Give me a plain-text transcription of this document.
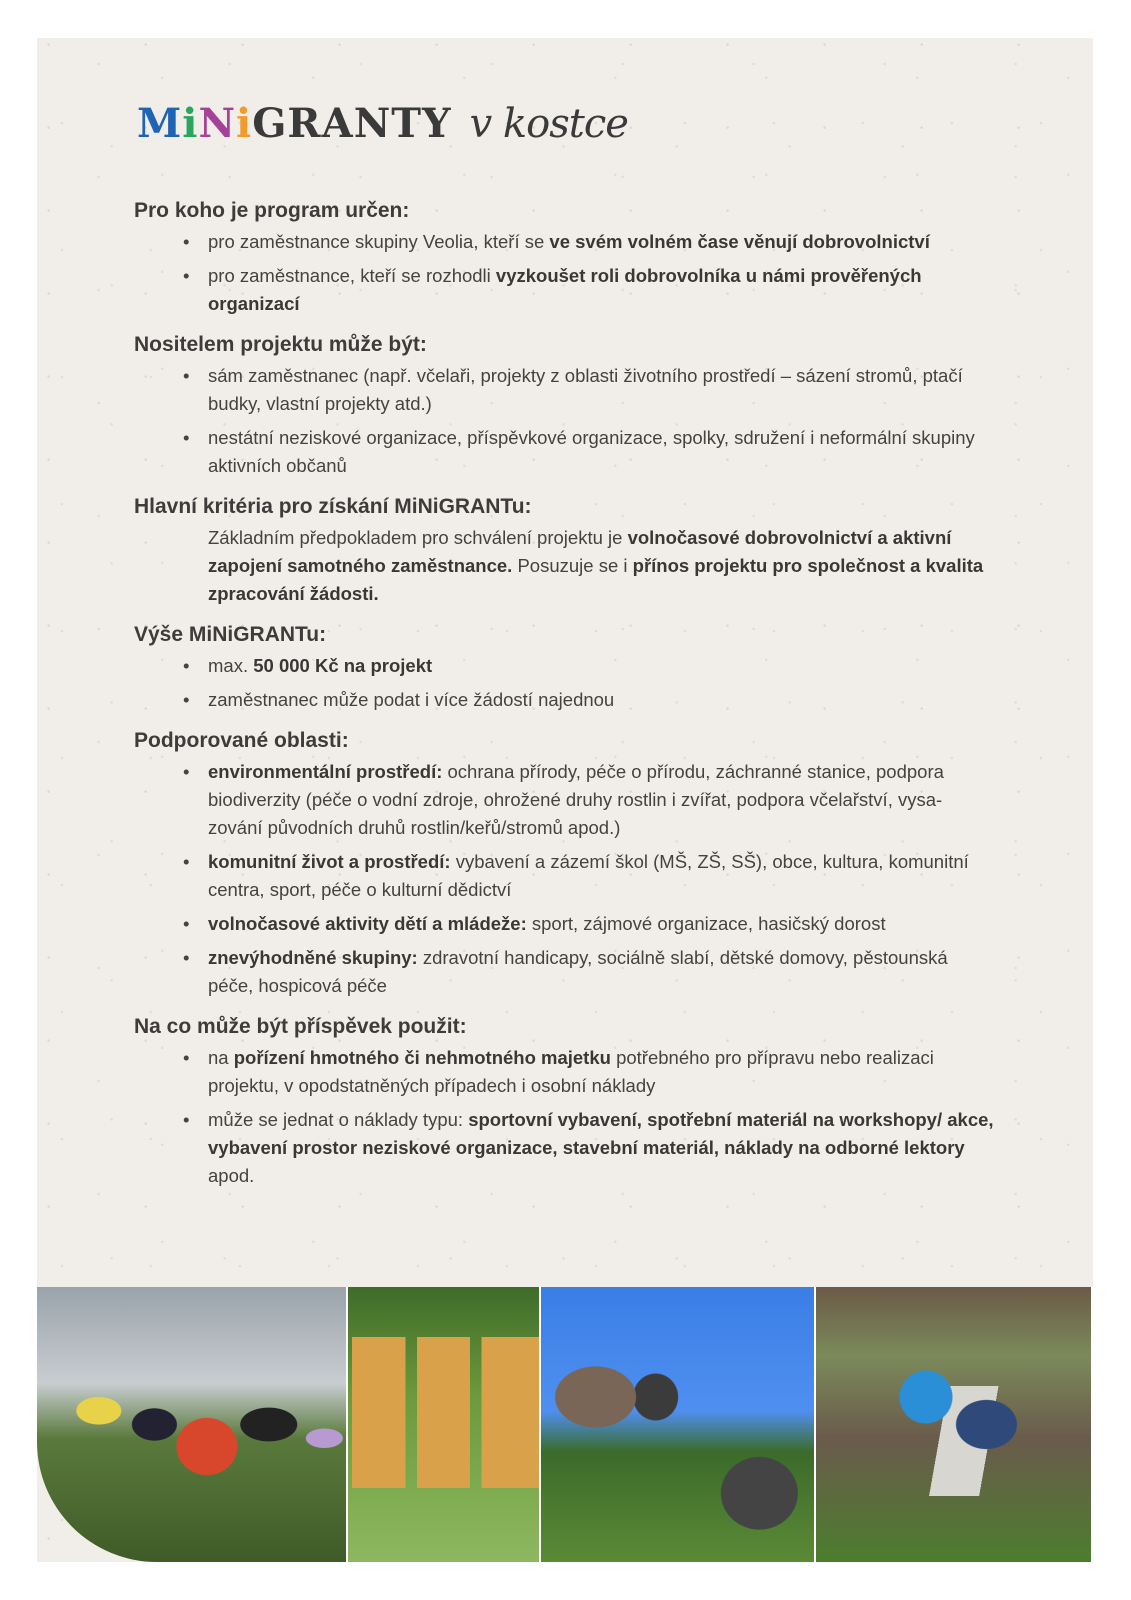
MiNiGRANTY v kostce
Pro koho je program určen:
• pro zaměstnance skupiny Veolia, kteří se ve svém volném čase věnují dobrovolnictví
• pro zaměstnance, kteří se rozhodli vyzkoušet roli dobrovolníka u námi prověřených organizací
Nositelem projektu může být:
• sám zaměstnanec (např. včelaři, projekty z oblasti životního prostředí – sázení stromů, ptačí budky, vlastní projekty atd.)
• nestátní neziskové organizace, příspěvkové organizace, spolky, sdružení i neformální skupiny aktivních občanů
Hlavní kritéria pro získání MiNiGRANTu:
Základním předpokladem pro schválení projektu je volnočasové dobrovolnictví a aktivní zapojení samotného zaměstnance. Posuzuje se i přínos projektu pro společnost a kvalita zpracování žádosti.
Výše MiNiGRANTu:
• max. 50 000 Kč na projekt
• zaměstnanec může podat i více žádostí najednou
Podporované oblasti:
• environmentální prostředí: ochrana přírody, péče o přírodu, záchranné stanice, podpora biodiverzity (péče o vodní zdroje, ohrožené druhy rostlin i zvířat, podpora včelařství, vysa-zování původních druhů rostlin/keřů/stromů apod.)
• komunitní život a prostředí: vybavení a zázemí škol (MŠ, ZŠ, SŠ), obce, kultura, komunitní centra, sport, péče o kulturní dědictví
• volnočasové aktivity dětí a mládeže: sport, zájmové organizace, hasičský dorost
• znevýhodněné skupiny: zdravotní handicapy, sociálně slabí, dětské domovy, pěstounská péče, hospicová péče
Na co může být příspěvek použit:
• na pořízení hmotného či nehmotného majetku potřebného pro přípravu nebo realizaci projektu, v opodstatněných případech i osobní náklady
• může se jednat o náklady typu: sportovní vybavení, spotřební materiál na workshopy/ akce, vybavení prostor neziskové organizace, stavební materiál, náklady na odborné lektory apod.
